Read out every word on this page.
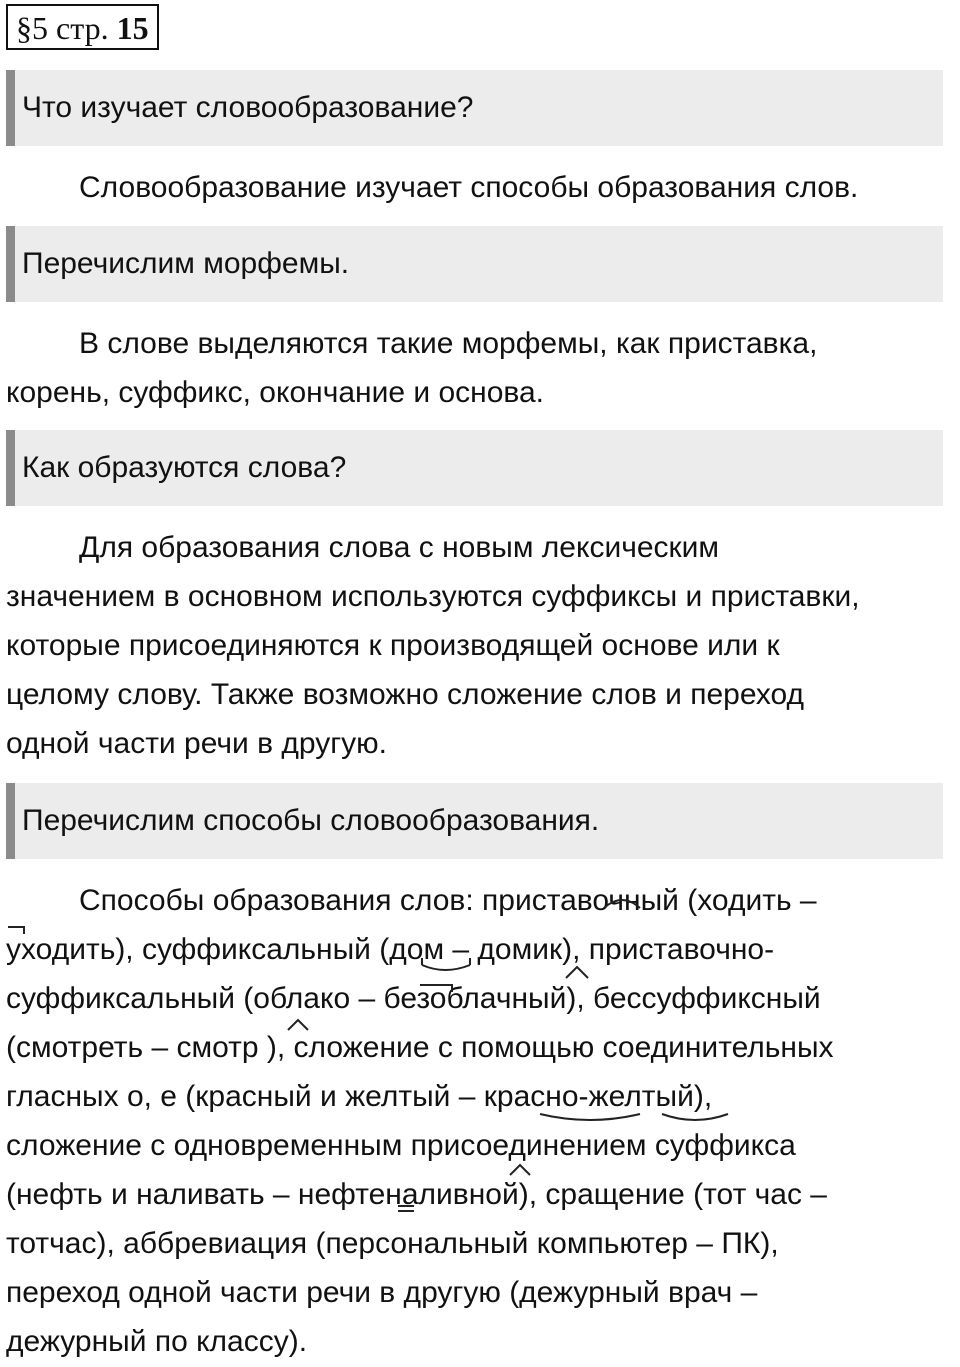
§5 стр. 15
Что изучает словообразование?

Словообразование изучает способы образования слов.

Перечислим морфемы.

В слове выделяются такие морфемы, как приставка,
корень, суффикс, окончание и основа.

Как образуются слова?

Для образования слова с новым лексическим
значением в основном используются суффиксы и приставки,
которые присоединяются к производящей основе или к
целому слову. Также возможно сложение слов и переход
одной части речи в другую.

Перечислим способы словообразования.

Способы образования слов: приставочный (ходить –
уходить), суффиксальный (дом – домик), приставочно-
суффиксальный (облако – безоблачный), бессуффиксный
(смотреть – смотр ), сложение с помощью соединительных
гласных о, е (красный и желтый – красно-желтый),
сложение с одновременным присоединением суффикса
(нефть и наливать – нефтеналивной), сращение (тот час –
тотчас), аббревиация (персональный компьютер – ПК),
переход одной части речи в другую (дежурный врач –
дежурный по классу).
